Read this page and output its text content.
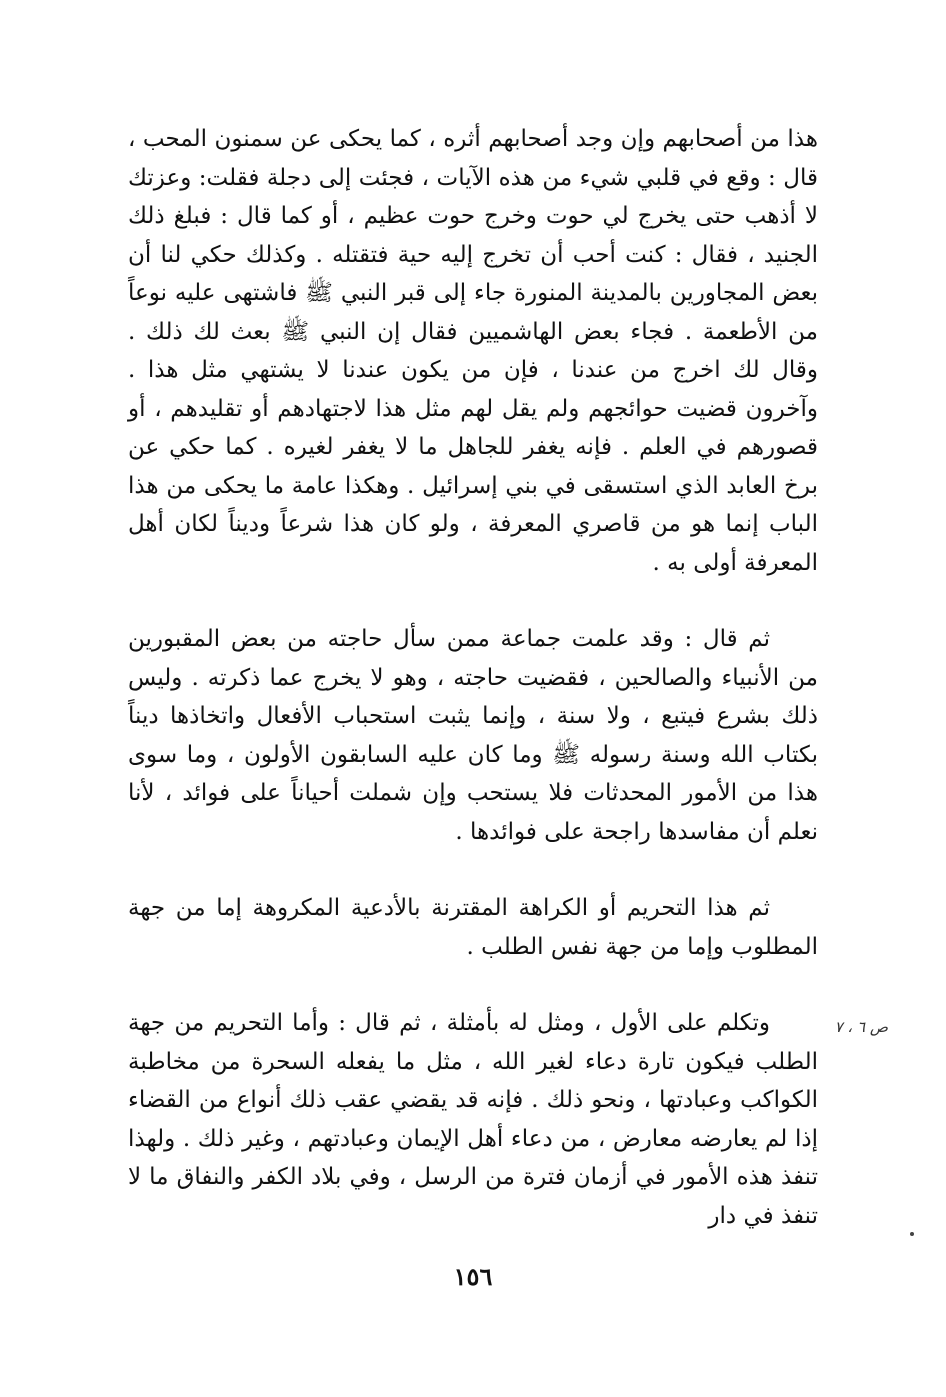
هذا من أصحابهم وإن وجد أصحابهم أثره ، كما يحكى عن سمنون المحب ، قال : وقع في قلبي شيء من هذه الآيات ، فجئت إلى دجلة فقلت: وعزتك لا أذهب حتى يخرج لي حوت وخرج حوت عظيم ، أو كما قال : فبلغ ذلك الجنيد ، فقال : كنت أحب أن تخرج إليه حية فتقتله . وكذلك حكي لنا أن بعض المجاورين بالمدينة المنورة جاء إلى قبر النبي ﷺ فاشتهى عليه نوعاً من الأطعمة . فجاء بعض الهاشميين فقال إن النبي ﷺ بعث لك ذلك . وقال لك اخرج من عندنا ، فإن من يكون عندنا لا يشتهي مثل هذا . وآخرون قضيت حوائجهم ولم يقل لهم مثل هذا لاجتهادهم أو تقليدهم ، أو قصورهم في العلم . فإنه يغفر للجاهل ما لا يغفر لغيره . كما حكي عن برخ العابد الذي استسقى في بني إسرائيل . وهكذا عامة ما يحكى من هذا الباب إنما هو من قاصري المعرفة ، ولو كان هذا شرعاً وديناً لكان أهل المعرفة أولى به .

ثم قال : وقد علمت جماعة ممن سأل حاجته من بعض المقبورين من الأنبياء والصالحين ، فقضيت حاجته ، وهو لا يخرج عما ذكرته . وليس ذلك بشرع فيتبع ، ولا سنة ، وإنما يثبت استحباب الأفعال واتخاذها ديناً بكتاب الله وسنة رسوله ﷺ وما كان عليه السابقون الأولون ، وما سوى هذا من الأمور المحدثات فلا يستحب وإن شملت أحياناً على فوائد ، لأنا نعلم أن مفاسدها راجحة على فوائدها .

ثم هذا التحريم أو الكراهة المقترنة بالأدعية المكروهة إما من جهة المطلوب وإما من جهة نفس الطلب .

وتكلم على الأول ، ومثل له بأمثلة ، ثم قال : وأما التحريم من جهة الطلب فيكون تارة دعاء لغير الله ، مثل ما يفعله السحرة من مخاطبة الكواكب وعبادتها ، ونحو ذلك . فإنه قد يقضي عقب ذلك أنواع من القضاء إذا لم يعارضه معارض ، من دعاء أهل الإيمان وعبادتهم ، وغير ذلك . ولهذا تنفذ هذه الأمور في أزمان فترة من الرسل ، وفي بلاد الكفر والنفاق ما لا تنفذ في دار

ص ٦ ، ٧
١٥٦
